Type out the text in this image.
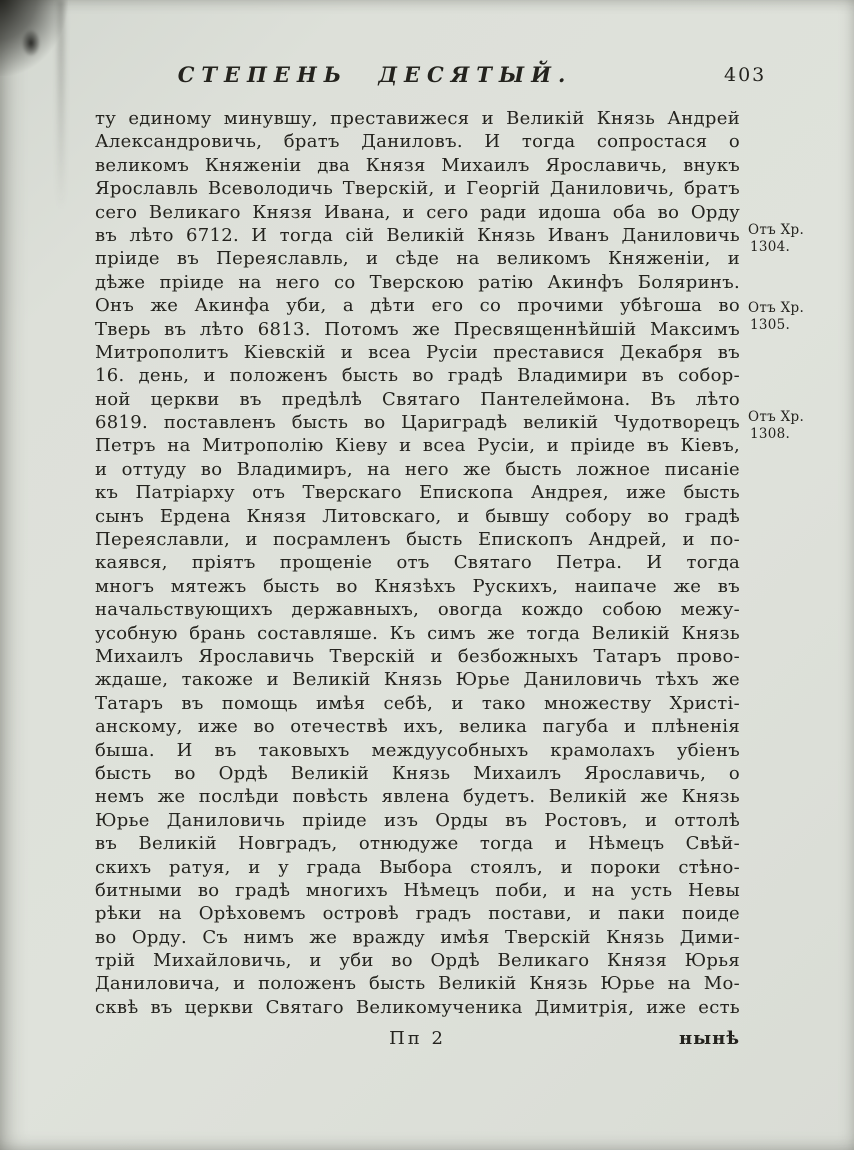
СТЕПЕНЬ ДЕСЯТЫЙ.	403
ту единому минувшу, преставижеся и Великій Князь Андрей
Александровичь, братъ Даниловъ. И тогда сопростася о
великомъ Княженіи два Князя Михаилъ Ярославичь, внукъ
Ярославль Всеволодичь Тверскій, и Георгій Даниловичь, братъ
сего Великаго Князя Ивана, и сего ради идоша оба во Орду
въ лѣто 6712. И тогда сій Великій Князь Иванъ Даниловичь
пріиде въ Переяславль, и сѣде на великомъ Княженіи, и
дѣже пріиде на него со Тверскою ратію Акинфъ Боляринъ.
Онъ же Акинфа уби, а дѣти его со прочими убѣгоша во
Тверь въ лѣто 6813. Потомъ же Пресвященнѣйшій Максимъ
Митрополитъ Кіевскій и всеа Русіи преставися Декабря въ
16. день, и положенъ бысть во градѣ Владимири въ собор-
ной церкви въ предѣлѣ Святаго Пантелеймона. Въ лѣто
6819. поставленъ бысть во Цариградѣ великій Чудотворецъ
Петръ на Митрополію Кіеву и всеа Русіи, и пріиде въ Кіевъ,
и оттуду во Владимиръ, на него же бысть ложное писаніе
къ Патріарху отъ Тверскаго Епископа Андрея, иже бысть
сынъ Ердена Князя Литовскаго, и бывшу собору во градѣ
Переяславли, и посрамленъ бысть Епископъ Андрей, и по-
каявся, пріятъ прощеніе отъ Святаго Петра. И тогда
многъ мятежъ бысть во Князѣхъ Рускихъ, наипаче же въ
начальствующихъ державныхъ, овогда кождо собою межу-
усобную брань составляше. Къ симъ же тогда Великій Князь
Михаилъ Ярославичь Тверскій и безбожныхъ Татаръ прово-
ждаше, такоже и Великій Князь Юрье Даниловичь тѣхъ же
Татаръ въ помощь имѣя себѣ, и тако множеству Христі-
анскому, иже во отечествѣ ихъ, велика пагуба и плѣненія
быша. И въ таковыхъ междуусобныхъ крамолахъ убіенъ
бысть во Ордѣ Великій Князь Михаилъ Ярославичь, о
немъ же послѣди повѣсть явлена будетъ. Великій же Князь
Юрье Даниловичь пріиде изъ Орды въ Ростовъ, и оттолѣ
въ Великій Новградъ, отнюдуже тогда и Нѣмецъ Свѣй-
скихъ ратуя, и у града Выбора стоялъ, и пороки стѣно-
битными во градѣ многихъ Нѣмецъ поби, и на усть Невы
рѣки на Орѣховемъ островѣ градъ постави, и паки поиде
во Орду. Съ нимъ же вражду имѣя Тверскій Князь Дими-
трій Михайловичь, и уби во Ордѣ Великаго Князя Юрья
Даниловича, и положенъ бысть Великій Князь Юрье на Мо-
сквѣ въ церкви Святаго Великомученика Димитрія, иже есть
Отъ Хр.
1304.
Отъ Хр.
1305.
Отъ Хр.
1308.
Пп 2	нынѣ
